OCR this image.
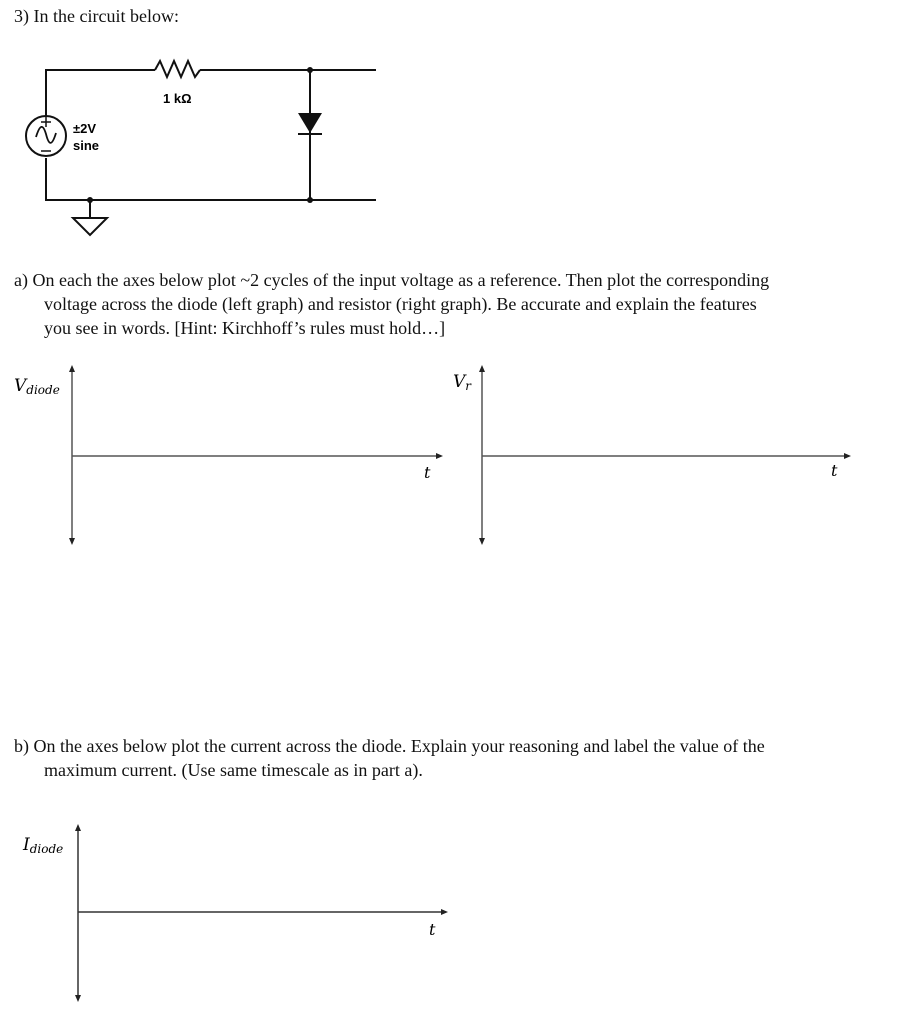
3) In the circuit below:
1 kΩ
±2V
sine
a) On each the axes below plot ~2 cycles of the input voltage as a reference. Then plot the corresponding
voltage across the diode (left graph) and resistor (right graph). Be accurate and explain the features
you see in words. [Hint: Kirchhoff’s rules must hold…]
Vdiode
t
Vr
t
b) On the axes below plot the current across the diode. Explain your reasoning and label the value of the
maximum current. (Use same timescale as in part a).
Idiode
t
